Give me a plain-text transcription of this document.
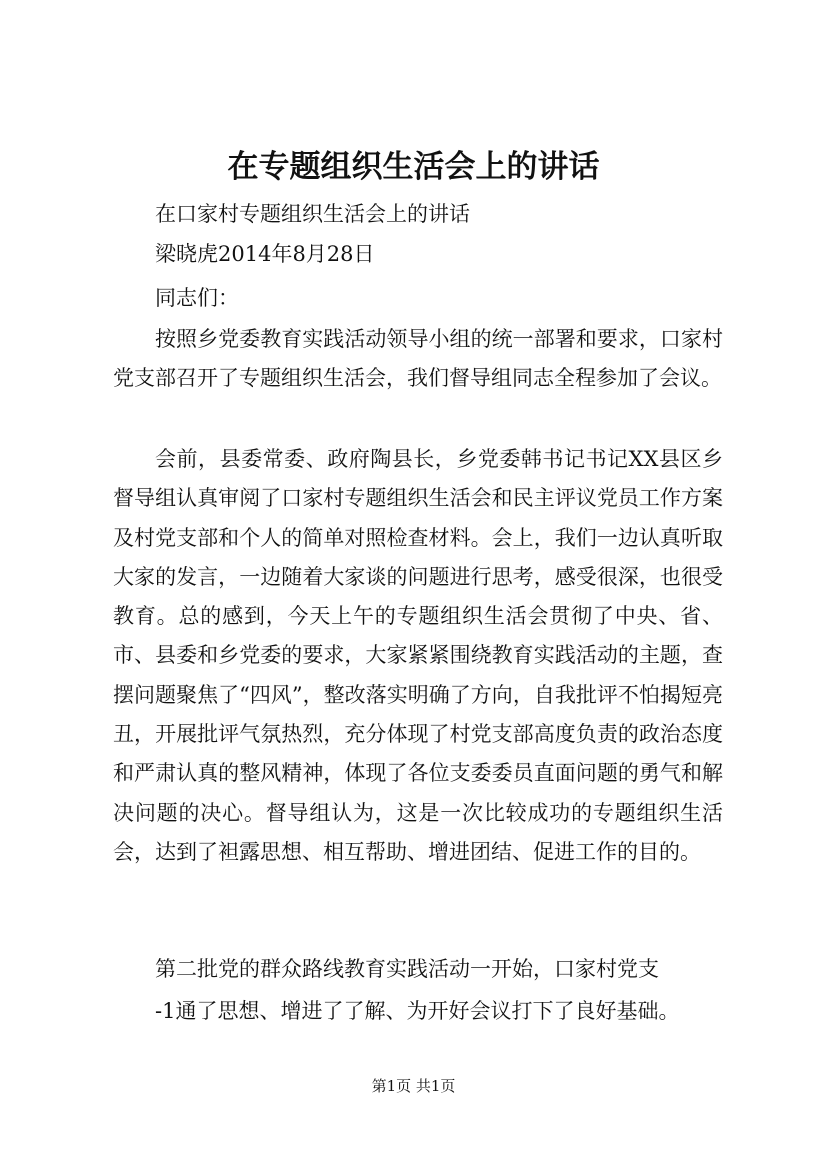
在专题组织生活会上的讲话
在口家村专题组织生活会上的讲话
梁晓虎2014年8月28日
同志们：
按照乡党委教育实践活动领导小组的统一部署和要求，口家村党支部召开了专题组织生活会，我们督导组同志全程参加了会议。
会前，县委常委、政府陶县长，乡党委韩书记书记XX县区乡督导组认真审阅了口家村专题组织生活会和民主评议党员工作方案及村党支部和个人的简单对照检查材料。会上，我们一边认真听取大家的发言，一边随着大家谈的问题进行思考，感受很深，也很受教育。总的感到，今天上午的专题组织生活会贯彻了中央、省、市、县委和乡党委的要求，大家紧紧围绕教育实践活动的主题，查摆问题聚焦了“四风”，整改落实明确了方向，自我批评不怕揭短亮丑，开展批评气氛热烈，充分体现了村党支部高度负责的政治态度和严肃认真的整风精神，体现了各位支委委员直面问题的勇气和解决问题的决心。督导组认为，这是一次比较成功的专题组织生活会，达到了袒露思想、相互帮助、增进团结、促进工作的目的。
第二批党的群众路线教育实践活动一开始，口家村党支
-1通了思想、增进了了解、为开好会议打下了良好基础。
第1页 共1页
